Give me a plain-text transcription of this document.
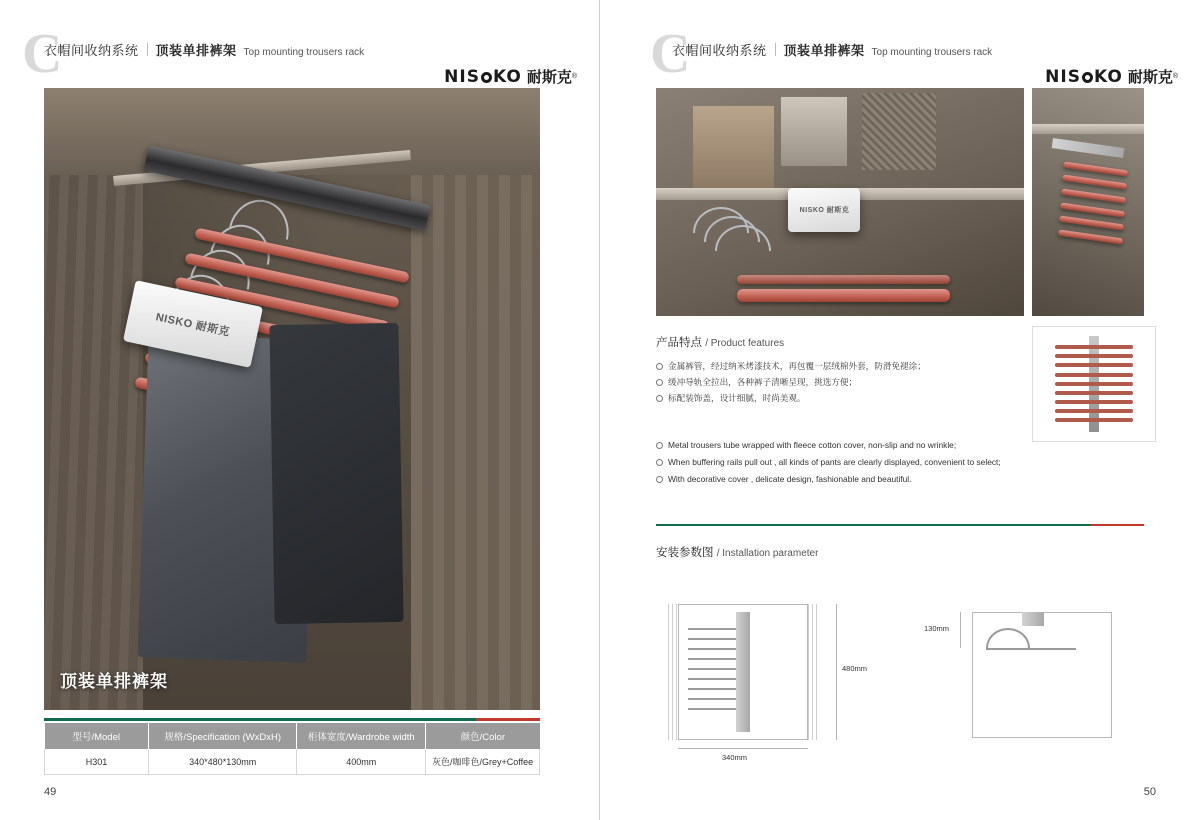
C
衣帽间收纳系统 顶装单排裤架 Top mounting trousers rack
NIS KO 耐斯克 ®
NISKO 耐斯克
顶装单排裤架
型号/Model	规格/Specification (WxDxH)	柜体宽度/Wardrobe width	颜色/Color
H301	340*480*130mm	400mm	灰色/咖啡色/Grey+Coffee
49
C
衣帽间收纳系统 顶装单排裤架 Top mounting trousers rack
NIS KO 耐斯克 ®
NISKO 耐斯克
产品特点 / Product features
金属裤管，经过纳米烤漆技术，再包覆一层绒棉外套，防滑免褪涂；
缓冲导轨全拉出，各种裤子清晰呈现，挑选方便；
标配装饰盖，设计细腻，时尚美观。
Metal trousers tube wrapped with fleece cotton cover, non-slip and no wrinkle;
When buffering rails pull out , all kinds of pants are clearly displayed, convenient to select;
With decorative cover , delicate design, fashionable and beautiful.
安装参数图 / Installation parameter
480mm
340mm
130mm
50
